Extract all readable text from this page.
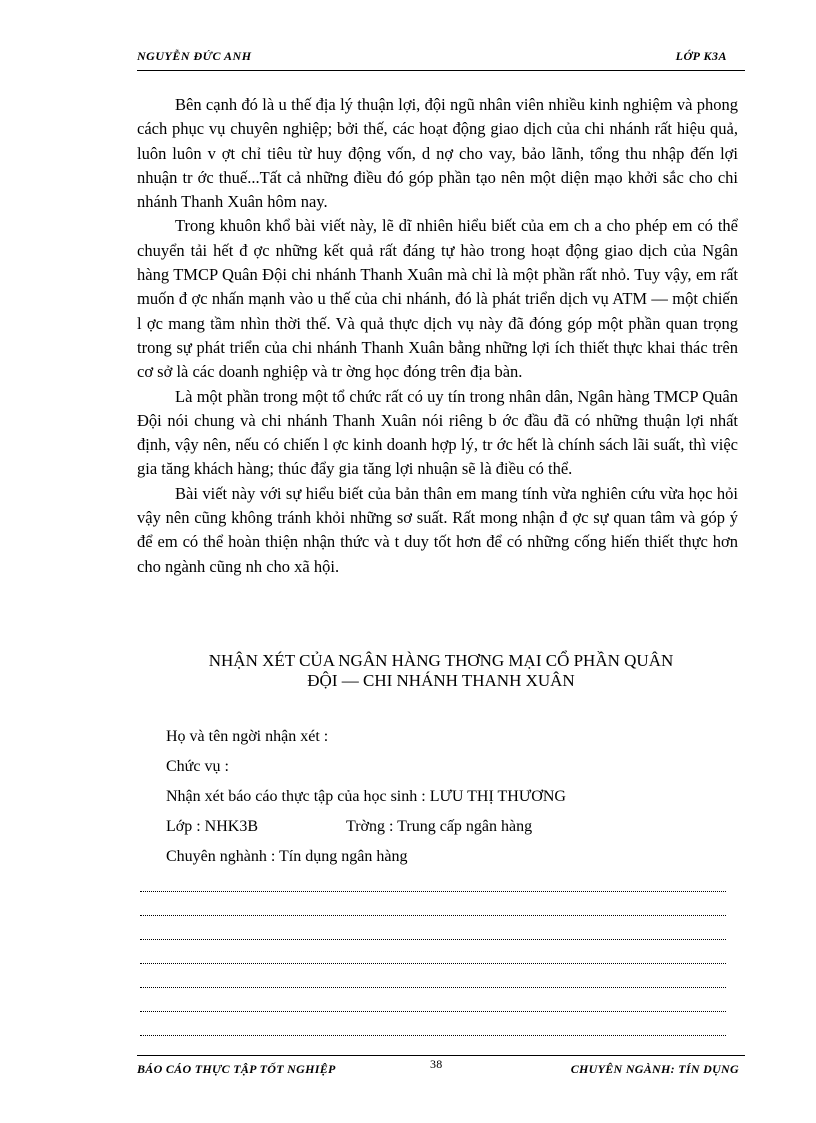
NGUYỄN ĐỨC ANH	LỚP K3A

Bên cạnh đó là u thế địa lý thuận lợi, đội ngũ nhân viên nhiều kinh nghiệm và phong cách phục vụ chuyên nghiệp; bởi thế, các hoạt động giao dịch của chi nhánh rất hiệu quả, luôn luôn v ợt chỉ tiêu từ huy động vốn, d nợ cho vay, bảo lãnh, tổng thu nhập đến lợi nhuận tr ớc thuế...Tất cả những điều đó góp phần tạo nên một diện mạo khởi sắc cho chi nhánh Thanh Xuân hôm nay.

Trong khuôn khổ bài viết này, lẽ dĩ nhiên hiểu biết của em ch a cho phép em có thể chuyển tải hết đ ợc những kết quả rất đáng tự hào trong hoạt động giao dịch của Ngân hàng TMCP Quân Đội chi nhánh Thanh Xuân mà chỉ là một phần rất nhỏ. Tuy vậy, em rất muốn đ ợc nhấn mạnh vào u thế của chi nhánh, đó là phát triển dịch vụ ATM — một chiến l ợc mang tầm nhìn thời thế. Và quả thực dịch vụ này đã đóng góp một phần quan trọng trong sự phát triển của chi nhánh Thanh Xuân bằng những lợi ích thiết thực khai thác trên cơ sở là các doanh nghiệp và tr ờng học đóng trên địa bàn.

Là một phần trong một tổ chức rất có uy tín trong nhân dân, Ngân hàng TMCP Quân Đội nói chung và chi nhánh Thanh Xuân nói riêng b ớc đầu đã có những thuận lợi nhất định, vậy nên, nếu có chiến l ợc kinh doanh hợp lý, tr ớc hết là chính sách lãi suất, thì việc gia tăng khách hàng; thúc đẩy gia tăng lợi nhuận sẽ là điều có thể.

Bài viết này với sự hiểu biết của bản thân em mang tính vừa nghiên cứu vừa học hỏi vậy nên cũng không tránh khỏi những sơ suất. Rất mong nhận đ ợc sự quan tâm và góp ý để em có thể hoàn thiện nhận thức và t duy tốt hơn để có những cống hiến thiết thực hơn cho ngành cũng nh cho xã hội.

NHẬN XÉT CỦA NGÂN HÀNG THƠNG MẠI CỔ PHẦN QUÂN
ĐỘI — CHI NHÁNH THANH XUÂN
Họ và tên ngời nhận xét :
Chức vụ :
Nhận xét báo cáo thực tập của học sinh : LƯU THỊ THƯƠNG
Lớp : NHK3B	Trờng : Trung cấp ngân hàng
Chuyên nghành : Tín dụng ngân hàng
BÁO CÁO THỰC TẬP TỐT NGHIỆP	38	CHUYÊN NGÀNH: TÍN DỤNG
